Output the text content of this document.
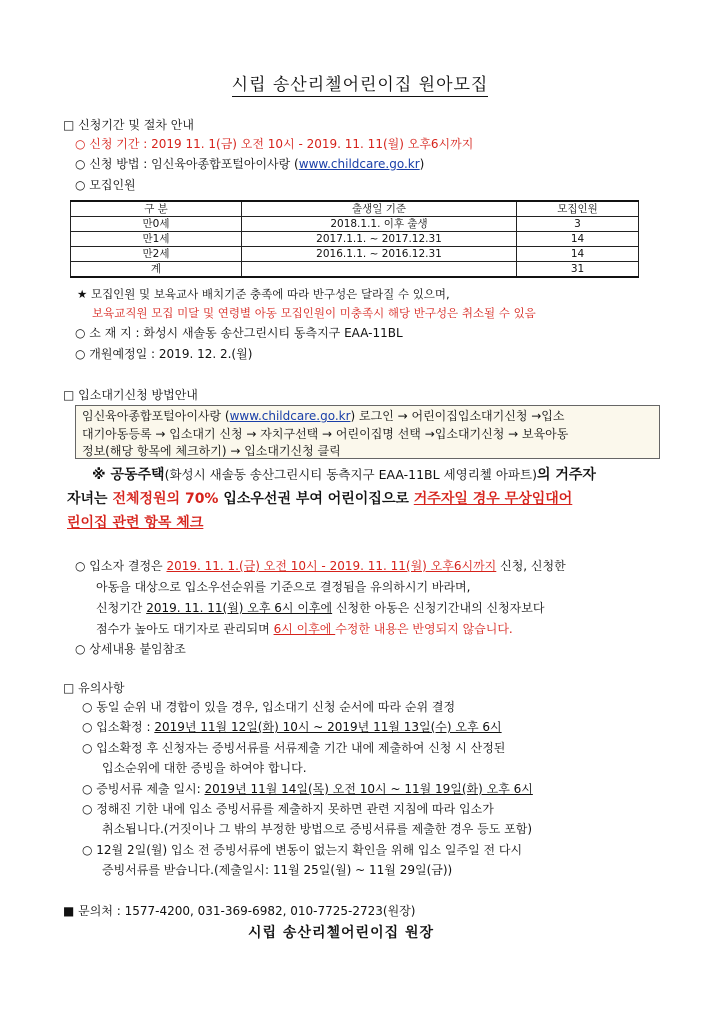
시립 송산리첼어린이집 원아모집
□ 신청기간 및 절차 안내
○ 신청 기간 : 2019 11. 1(금) 오전 10시 - 2019. 11. 11(월) 오후6시까지
○ 신청 방법 : 임신육아종합포털아이사랑 (www.childcare.go.kr)
○ 모집인원
구 분	출생일 기준	모집인원
만0세	2018.1.1. 이후 출생	3
만1세	2017.1.1. ~ 2017.12.31	14
만2세	2016.1.1. ~ 2016.12.31	14
계		31
★ 모집인원 및 보육교사 배치기준 충족에 따라 반구성은 달라질 수 있으며,
보육교직원 모집 미달 및 연령별 아동 모집인원이 미충족시 해당 반구성은 취소될 수 있음
○ 소 재 지 : 화성시 새솔동 송산그린시티 동측지구 EAA-11BL
○ 개원예정일 : 2019. 12. 2.(월)
□ 입소대기신청 방법안내
임신육아종합포털아이사랑 (www.childcare.go.kr) 로그인 → 어린이집입소대기신청 →입소
대기아동등록 → 입소대기 신청 → 자치구선택 → 어린이집명 선택 →입소대기신청 → 보육아동
정보(해당 항목에 체크하기) → 입소대기신청 클릭
※ 공동주택(화성시 새솔동 송산그린시티 동측지구 EAA-11BL 세영리첼 아파트)의 거주자
자녀는 전체정원의 70% 입소우선권 부여 어린이집으로 거주자일 경우 무상임대어
린이집 관련 항목 체크
○ 입소자 결정은 2019. 11. 1.(금) 오전 10시 - 2019. 11. 11(월) 오후6시까지 신청, 신청한
아동을 대상으로 입소우선순위를 기준으로 결정됨을 유의하시기 바라며,
신청기간 2019. 11. 11(월) 오후 6시 이후에 신청한 아동은 신청기간내의 신청자보다
점수가 높아도 대기자로 관리되며 6시 이후에 수정한 내용은 반영되지 않습니다.
○ 상세내용 붙임참조
□ 유의사항
○ 동일 순위 내 경합이 있을 경우, 입소대기 신청 순서에 따라 순위 결정
○ 입소확정 : 2019년 11월 12일(화) 10시 ~ 2019년 11월 13일(수) 오후 6시
○ 입소확정 후 신청자는 증빙서류를 서류제출 기간 내에 제출하여 신청 시 산정된
입소순위에 대한 증빙을 하여야 합니다.
○ 증빙서류 제출 일시: 2019년 11월 14일(목) 오전 10시 ~ 11월 19일(화) 오후 6시
○ 정해진 기한 내에 입소 증빙서류를 제출하지 못하면 관련 지침에 따라 입소가
취소됩니다.(거짓이나 그 밖의 부정한 방법으로 증빙서류를 제출한 경우 등도 포함)
○ 12월 2일(월) 입소 전 증빙서류에 변동이 없는지 확인을 위해 입소 일주일 전 다시
증빙서류를 받습니다.(제출일시: 11월 25일(월) ~ 11월 29일(금))
■ 문의처 : 1577-4200, 031-369-6982, 010-7725-2723(원장)
시립 송산리첼어린이집 원장
